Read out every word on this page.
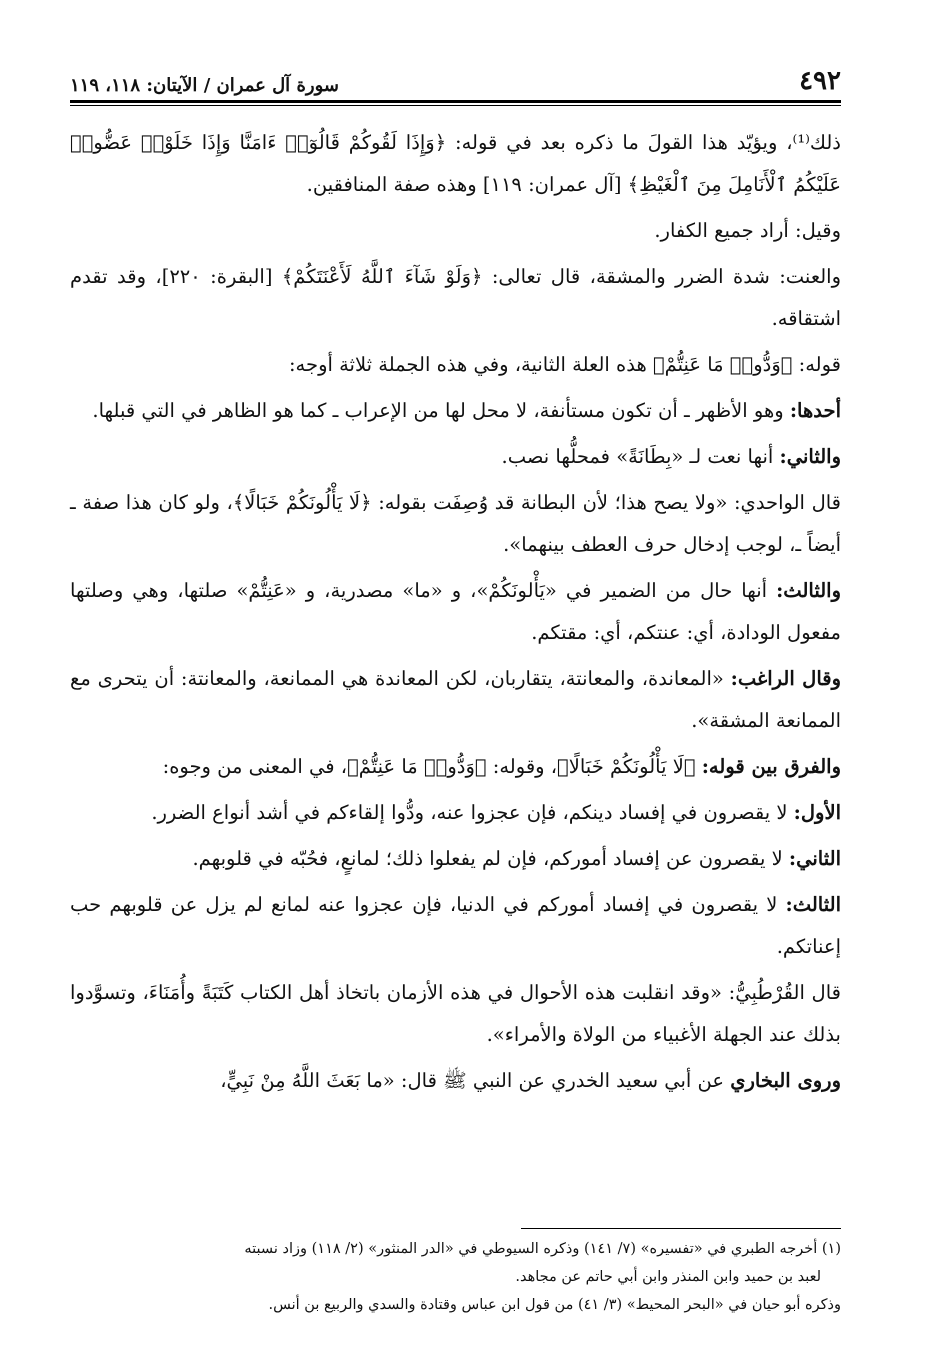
٤٩٢
سورة آل عمران / الآيتان: ١١٨، ١١٩

ذلك⁽¹⁾، ويؤيّد هذا القولَ ما ذكره بعد في قوله: ﴿وَإِذَا لَقُوكُمْ قَالُوٓا۟ ءَامَنَّا وَإِذَا خَلَوْا۟ عَضُّوا۟ عَلَيْكُمُ ٱلْأَنَامِلَ مِنَ ٱلْغَيْظِ﴾ [آل عمران: ١١٩] وهذه صفة المنافقين.

وقيل: أراد جميع الكفار.

والعنت: شدة الضرر والمشقة، قال تعالى: ﴿وَلَوْ شَآءَ ٱللَّهُ لَأَعْنَتَكُمْ﴾ [البقرة: ٢٢٠]، وقد تقدم اشتقاقه.

قوله: ﴿وَدُّوا۟ مَا عَنِتُّمْ﴾ هذه العلة الثانية، وفي هذه الجملة ثلاثة أوجه:

أحدها: وهو الأظهر ـ أن تكون مستأنفة، لا محل لها من الإعراب ـ كما هو الظاهر في التي قبلها.

والثاني: أنها نعت لـ «بِطَانَةً» فمحلُّها نصب.

قال الواحدي: «ولا يصح هذا؛ لأن البطانة قد وُصِفَت بقوله: ﴿لَا يَأْلُونَكُمْ خَبَالًا﴾، ولو كان هذا صفة ـ أيضاً ـ، لوجب إدخال حرف العطف بينهما».

والثالث: أنها حال من الضمير في «يَأْلونَكُمْ»، و «ما» مصدرية، و «عَنِتُّمْ» صلتها، وهي وصلتها مفعول الودادة، أي: عنتكم، أي: مقتكم.

وقال الراغب: «المعاندة، والمعانتة، يتقاربان، لكن المعاندة هي الممانعة، والمعانتة: أن يتحرى مع الممانعة المشقة».

والفرق بين قوله: ﴿لَا يَأْلُونَكُمْ خَبَالًا﴾، وقوله: ﴿وَدُّوا۟ مَا عَنِتُّمْ﴾، في المعنى من وجوه:

الأول: لا يقصرون في إفساد دينكم، فإن عجزوا عنه، ودُّوا إلقاءكم في أشد أنواع الضرر.

الثاني: لا يقصرون عن إفساد أموركم، فإن لم يفعلوا ذلك؛ لمانعٍ، فحُبّه في قلوبهم.

الثالث: لا يقصرون في إفساد أموركم في الدنيا، فإن عجزوا عنه لمانع لم يزل عن قلوبهم حب إعناتكم.

قال القُرْطُبِيُّ: «وقد انقلبت هذه الأحوال في هذه الأزمان باتخاذ أهل الكتاب كَتَبَةً وأُمَنَاءَ، وتسوَّدوا بذلك عند الجهلة الأغبياء من الولاة والأمراء».

وروى البخاري عن أبي سعيد الخدري عن النبي ﷺ قال: «ما بَعَثَ اللَّهُ مِنْ نَبِيٍّ،

(١) أخرجه الطبري في «تفسيره» (٧/ ١٤١) وذكره السيوطي في «الدر المنثور» (٢/ ١١٨) وزاد نسبته

لعبد بن حميد وابن المنذر وابن أبي حاتم عن مجاهد.

وذكره أبو حيان في «البحر المحيط» (٣/ ٤١) من قول ابن عباس وقتادة والسدي والربيع بن أنس.
